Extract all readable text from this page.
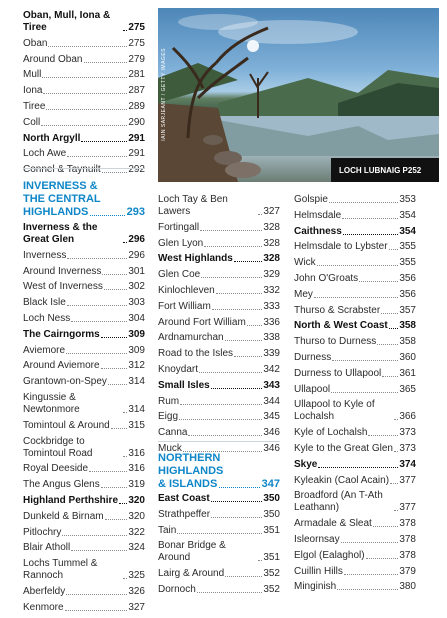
Oban, Mull, Iona & Tiree	275
Oban	275
Around Oban	279
Mull	281
Iona	287
Tiree	289
Coll	290
North Argyll	291
Loch Awe	291
Connel & Taynuilt	292
INVERNESS &
THE CENTRAL
HIGHLANDS	293
Inverness & the Great Glen	296
Inverness	296
Around Inverness	301
West of Inverness	302
Black Isle	303
Loch Ness	304
The Cairngorms	309
Aviemore	309
Around Aviemore	312
Grantown-on-Spey 314
Kingussie & Newtonmore	314
Tomintoul & Around 315
Cockbridge to Tomintoul Road	316
Royal Deeside	316
The Angus Glens	319
Highland Perthshire 320
Dunkeld & Birnam 320
Pitlochry	322
Blair Atholl	324
Lochs Tummel & Rannoch	325
Aberfeldy	326
Kenmore	327
Loch Tay & Ben Lawers	327
Fortingall	328
Glen Lyon	328
West Highlands	328
Glen Coe	329
Kinlochleven	332
Fort William	333
Around Fort William 336
Ardnamurchan	338
Road to the Isles	339
Knoydart	342
Small Isles	343
Rum	344
Eigg	345
Canna	346
Muck	346
NORTHERN
HIGHLANDS
& ISLANDS	347
East Coast	350
Strathpeffer	350
Tain	351
Bonar Bridge & Around	351
Lairg & Around	352
Dornoch	352
Golspie	353
Helmsdale	354
Caithness	354
Helmsdale to Lybster 355
Wick	355
John O'Groats	356
Mey	356
Thurso & Scrabster 357
North & West Coast 358
Thurso to Durness 358
Durness	360
Durness to Ullapool 361
Ullapool	365
Ullapool to Kyle of Lochalsh	366
Kyle of Lochalsh	373
Kyle to the Great Glen 373
Skye	374
Kyleakin (Caol Acain) 377
Broadford (An T-Ath Leathann)	377
Armadale & Sleat	378
Isleornsay	378
Elgol (Ealaghol)	378
Cuillin Hills	379
Minginish	380
IAIN SARJEANT / GETTY IMAGES
LOCH LUBNAIG P252
